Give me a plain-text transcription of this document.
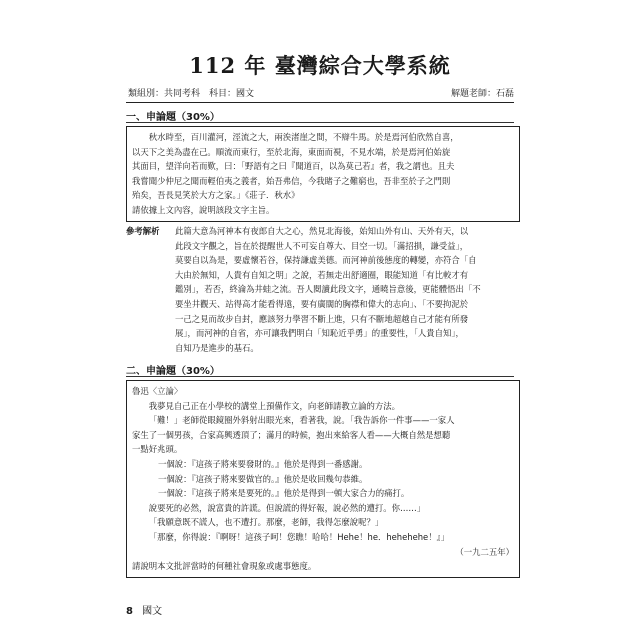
112 年 臺灣綜合大學系統
類組別：共同考科　科目：國文	解題老師：石磊
一、申論題（30%）

秋水時至，百川灌河，涇流之大，兩涘渚崖之間，不辯牛馬。於是焉河伯欣然自喜，

以天下之美為盡在己。順流而東行，至於北海，東面而視，不見水端，於是焉河伯始旋

其面目，望洋向若而歎，曰：「野語有之曰『聞道百，以為莫己若』者，我之謂也。且夫

我嘗聞少仲尼之聞而輕伯夷之義者，始吾弗信，今我睹子之難窮也，吾非至於子之門則

殆矣，吾長見笑於大方之家。」《莊子．秋水》

請依據上文內容，說明該段文字主旨。

參考解析 此篇大意為河神本有夜郎自大之心，然見北海後，始知山外有山、天外有天，以
此段文字觀之，旨在於提醒世人不可妄自尊大、目空一切。「滿招損，謙受益」，
莫要自以為是，要虛懷若谷，保持謙虛美德。而河神前後態度的轉變，亦符合「自
大由於無知，人貴有自知之明」之說，若無走出舒適圈，眼能知道「有比較才有
鑑別」，若否，終淪為井蛙之流。吾人閱讀此段文字，通曉旨意後，更能體悟出「不
要坐井觀天、站得高才能看得遠，要有廣闊的胸襟和偉大的志向」、「不要拘泥於
一己之見而故步自封，應該努力學習不斷上進，只有不斷地超越自己才能有所發
展」，而河神的自省，亦可讓我們明白「知恥近乎勇」的重要性，「人貴自知」，
自知乃是進步的基石。
二、申論題（30%）

魯迅〈立論〉

我夢見自己正在小學校的講堂上預備作文，向老師請教立論的方法。

「難！」老師從眼鏡圈外斜射出眼光來，看著我，說。「我告訴你一件事——一家人

家生了一個男孩，合家高興透頂了；滿月的時候，抱出來給客人看——大概自然是想聽

一點好兆頭。

一個說：『這孩子將來要發財的。』他於是得到一番感謝。

一個說：『這孩子將來要做官的。』他於是收回幾句恭維。

一個說：『這孩子將來是要死的。』他於是得到一頓大家合力的痛打。

說要死的必然，說富貴的許謊。但說謊的得好報，說必然的遭打。你……」

「我願意既不謊人，也不遭打。那麼，老師，我得怎麼說呢？」

「那麼，你得說：『啊呀！這孩子呵！您瞧！哈哈！Hehe！he．hehehehe！』」

（一九二五年）

請說明本文批評當時的何種社會現象或處事態度。

8 國文
